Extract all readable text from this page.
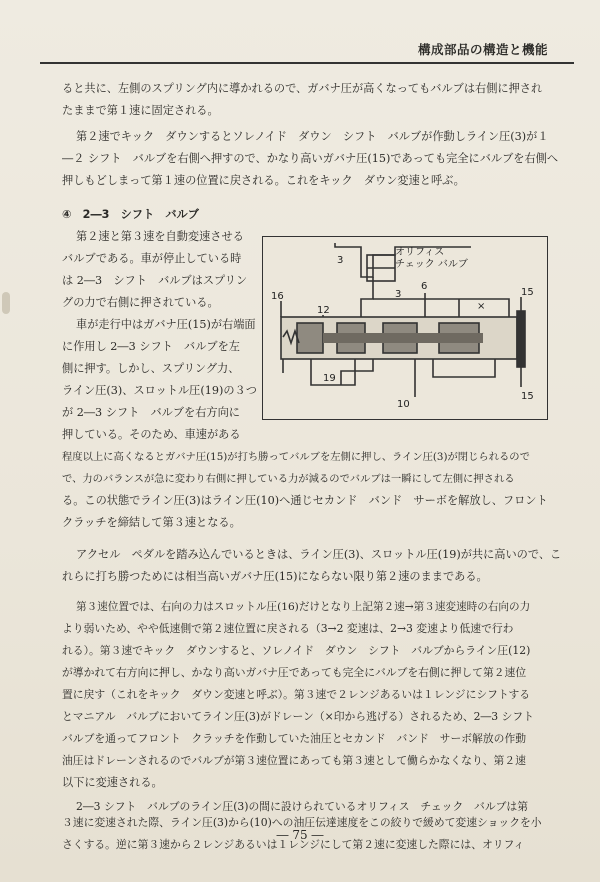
構成部品の構造と機能
ると共に、左側のスプリング内に導かれるので、ガバナ圧が高くなってもバルブは右側に押され
たままで第１速に固定される。
第２速でキック　ダウンするとソレノイド　ダウン　シフト　バルブが作動しライン圧(3)が１
―２ シフト　バルブを右側へ押すので、かなり高いガバナ圧(15)であっても完全にバルブを右側へ
押しもどしまって第１速の位置に戻される。これをキック　ダウン変速と呼ぶ。
④　2―3　シフト　バルブ
第２速と第３速を自動変速させる
バルブである。車が停止している時
は 2―3　シフト　バルブはスプリン
グの力で右側に押されている。
車が走行中はガバナ圧(15)が右端面
に作用し 2―3 シフト　バルブを左
側に押す。しかし、スプリング力、
ライン圧(3)、スロットル圧(19)の３つ
が 2―3 シフト　バルブを右方向に
押している。そのため、車速がある
程度以上に高くなるとガバナ圧(15)が打ち勝ってバルブを左側に押し、ライン圧(3)が閉じられるので
で、力のバランスが急に変わり右側に押している力が減るのでバルブは一瞬にして左側に押される
る。この状態でライン圧(3)はライン圧(10)へ通じセカンド　バンド　サーボを解放し、フロント
クラッチを締結して第３速となる。
アクセル　ペダルを踏み込んでいるときは、ライン圧(3)、スロットル圧(19)が共に高いので、こ
れらに打ち勝つためには相当高いガバナ圧(15)にならない限り第２速のままである。
第３速位置では、右向の力はスロットル圧(16)だけとなり上記第２速→第３速変速時の右向の力
より弱いため、やや低速側で第２速位置に戻される（3→2 変速は、2→3 変速より低速で行わ
れる）。第３速でキック　ダウンすると、ソレノイド　ダウン　シフト　バルブからライン圧(12)
が導かれて右方向に押し、かなり高いガバナ圧であっても完全にバルブを右側に押して第２速位
置に戻す（これをキック　ダウン変速と呼ぶ）。第３速で２レンジあるいは１レンジにシフトする
とマニアル　バルブにおいてライン圧(3)がドレーン（×印から逃げる）されるため、2―3 シフト
バルブを通ってフロント　クラッチを作動していた油圧とセカンド　バンド　サーボ解放の作動
油圧はドレーンされるのでバルブが第３速位置にあっても第３速として働らかなくなり、第２速
以下に変速される。
2―3 シフト　バルブのライン圧(3)の間に設けられているオリフィス　チェック　バルブは第
３速に変速された際、ライン圧(3)から(10)への油圧伝達速度をこの絞りで緩めて変速ショックを小
さくする。逆に第３速から２レンジあるいは１レンジにして第２速に変速した際には、オリフィ
オリフィス
チェック バルブ
3
3
6
16
12
19
10
15
15
×
― 75 ―
